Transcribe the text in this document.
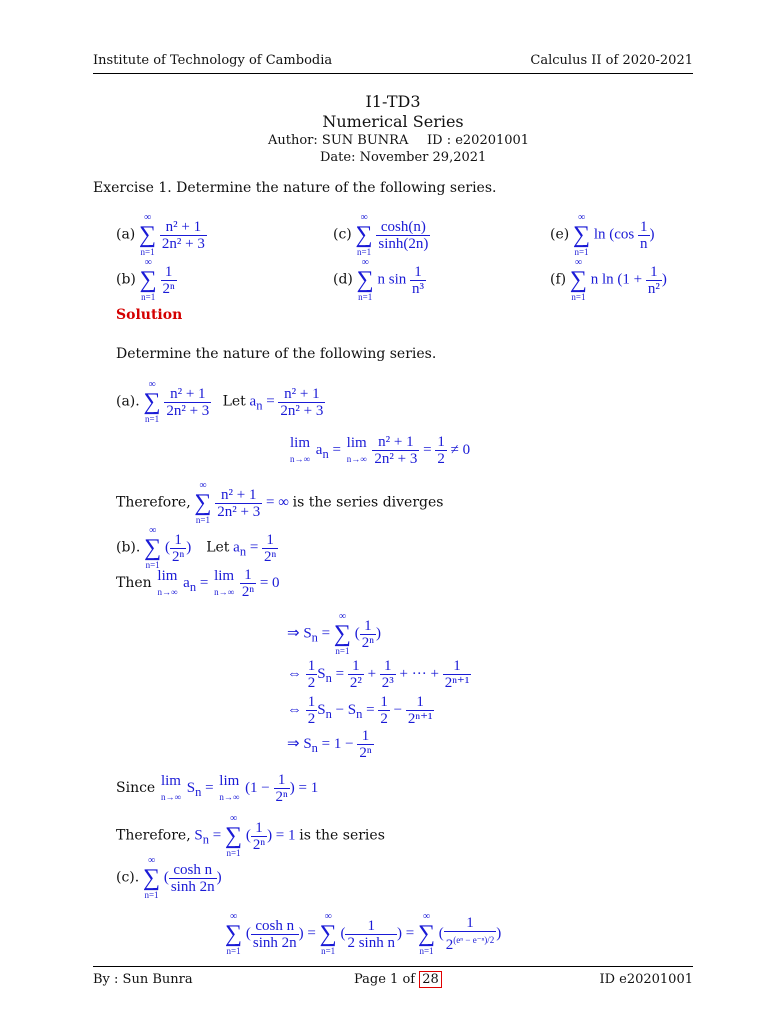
Institute of Technology of Cambodia	Calculus II of 2020-2021
I1-TD3
Numerical Series
Author: SUN BUNRA ID : e20201001
Date: November 29,2021
Exercise 1. Determine the nature of the following series.
(a)
∞
∑
n=1

$\frac{\text{n² + 1}}{\text{2n² + 3}}$
(b)
∞
∑
n=1

$\frac{1}{\text{2ⁿ}}$
(c)
∞
∑
n=1

$\frac{\cosh(n)}{\sinh(2n)}$
(d)
∞
∑
n=1
n $\sin \frac{1}{\text{n³}}$
(e)
∞
∑
n=1
$\ln (\cos \frac{1}{n}$ )
(f)
∞
∑
n=1
n $\ln (1 + \frac{1}{\text{n²}}$ )
Solution
Determine the nature of the following series.
(a).
∞
∑
n=1

$\frac{\text{n² + 1}}{\text{2n² + 3}}$ Let $a_n = \frac{\text{n² + 1}}{\text{2n² + 3}}$
lim
n→∞
$a_n = \lim$
n→∞
$\frac{\text{n² + 1}}{\text{2n² + 3}} = \frac{1}{2} \ne 0$
Therefore,
∞
∑
n=1

$\frac{\text{n² + 1}}{\text{2n² + 3}}$ = ∞ is the series diverges
(b).
∞
∑
n=1
( $\frac{1}{\text{2ⁿ}}$ )    Let $a_n = \frac{1}{\text{2ⁿ}}$
Then lim
n→∞
$a_n = \lim$
n→∞
$\frac{1}{\text{2ⁿ}} = 0$
⇒ $S_n$ =
∞
∑
n=1
( $\frac{1}{\text{2ⁿ}}$ )
⇔ $\frac{1}{2} S_n = \frac{1}{\text{2²}} + \frac{1}{\text{2³}}$ + ··· + $\frac{1}{\text{2ⁿ⁺¹}}$
⇔ $\frac{1}{2} S_n - S_n = \frac{1}{2} - \frac{1}{\text{2ⁿ⁺¹}}$
⇒ $S_n = 1 - \frac{1}{\text{2ⁿ}}$
Since lim
n→∞
$S_n = \lim$
n→∞
($1 - \frac{1}{\text{2ⁿ}}$ ) = 1
Therefore, $S_n$ =
∞
∑
n=1
( $\frac{1}{\text{2ⁿ}}$ ) = 1 is the series
(c).
∞
∑
n=1
( $\frac{\text{cosh n}}{\sinh 2n}$ )
∞
∑
n=1
( $\frac{\text{cosh n}}{\sinh 2n}$ ) =
∞
∑
n=1
( $\frac{1}{\text{2 sinh n}}$ ) =
∞
∑
n=1
( $\frac{1}{2^{(e^n - e^{-n})/2}}$ )
By : Sun Bunra	Page 1 of 28	ID e20201001
